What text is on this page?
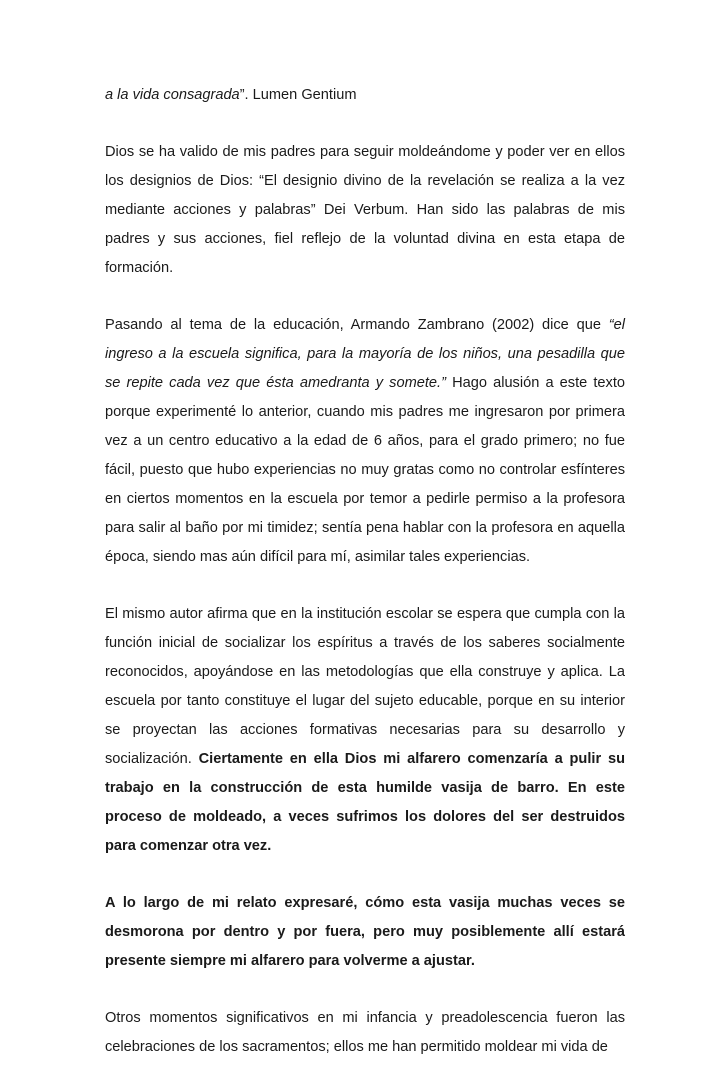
a la vida consagrada”. Lumen Gentium

Dios se ha valido de mis padres para seguir moldeándome y poder ver en ellos los designios de Dios: “El designio divino de la revelación se realiza a la vez mediante acciones y palabras” Dei Verbum. Han sido las palabras de mis padres y sus acciones, fiel reflejo de la voluntad divina en esta etapa de formación.

Pasando al tema de la educación, Armando Zambrano (2002) dice que “el ingreso a la escuela significa, para la mayoría de los niños, una pesadilla que se repite cada vez que ésta amedranta y somete.” Hago alusión a este texto porque experimenté lo anterior, cuando mis padres me ingresaron por primera vez a un centro educativo a la edad de 6 años, para el grado primero; no fue fácil, puesto que hubo experiencias no muy gratas como no controlar esfínteres en ciertos momentos en la escuela por temor a pedirle permiso a la profesora para salir al baño por mi timidez; sentía pena hablar con la profesora en aquella época, siendo mas aún difícil para mí, asimilar tales experiencias.

El mismo autor afirma que en la institución escolar se espera que cumpla con la función inicial de socializar los espíritus a través de los saberes socialmente reconocidos, apoyándose en las metodologías que ella construye y aplica. La escuela por tanto constituye el lugar del sujeto educable, porque en su interior se proyectan las acciones formativas necesarias para su desarrollo y socialización. Ciertamente en ella Dios mi alfarero comenzaría a pulir su trabajo en la construcción de esta humilde vasija de barro. En este proceso de moldeado, a veces sufrimos los dolores del ser destruidos para comenzar otra vez.

A lo largo de mi relato expresaré, cómo esta vasija muchas veces se desmorona por dentro y por fuera, pero muy posiblemente allí estará presente siempre mi alfarero para volverme a ajustar.

Otros momentos significativos en mi infancia y preadolescencia fueron las celebraciones de los sacramentos; ellos me han permitido moldear mi vida de
